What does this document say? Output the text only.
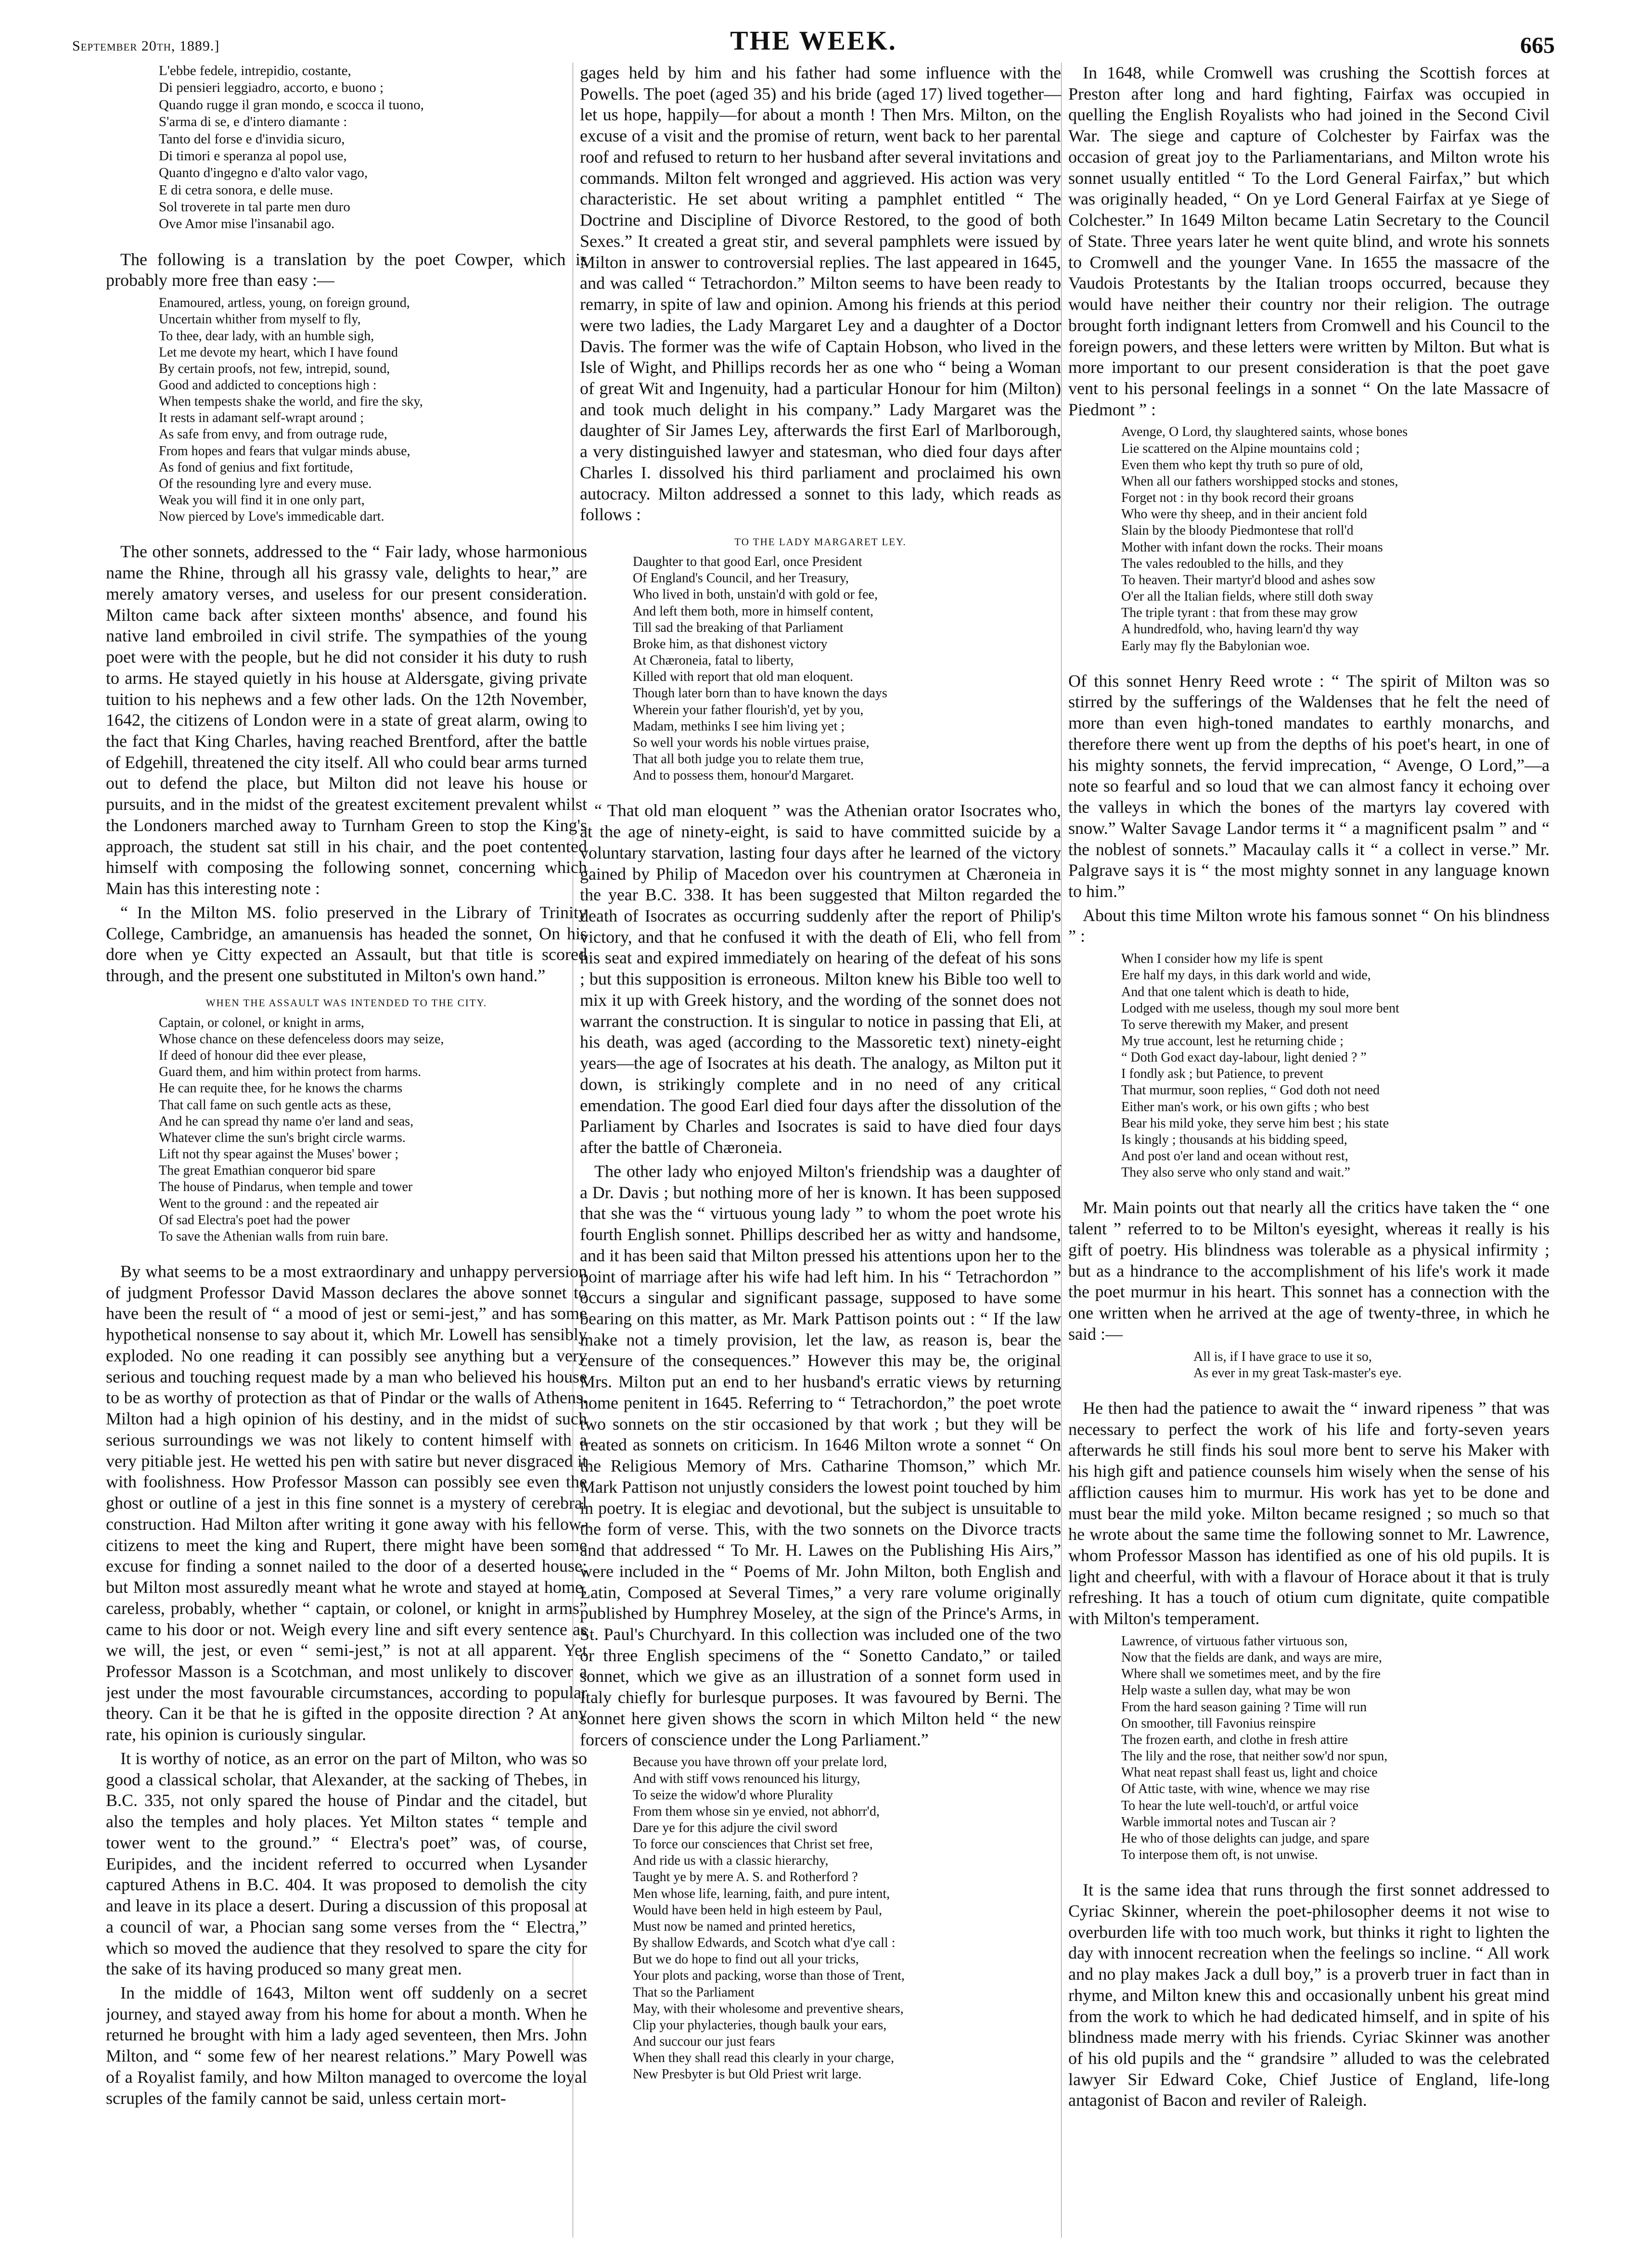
September 20th, 1889.]	THE WEEK.	665
L'ebbe fedele, intrepidio, costante,
Di pensieri leggiadro, accorto, e buono ;
Quando rugge il gran mondo, e scocca il tuono,
S'arma di se, e d'intero diamante :
Tanto del forse e d'invidia sicuro,
Di timori e speranza al popol use,
Quanto d'ingegno e d'alto valor vago,
E di cetra sonora, e delle muse.
Sol troverete in tal parte men duro
Ove Amor mise l'insanabil ago.

The following is a translation by the poet Cowper, which is probably more free than easy :—

Enamoured, artless, young, on foreign ground,
Uncertain whither from myself to fly,
To thee, dear lady, with an humble sigh,
Let me devote my heart, which I have found
By certain proofs, not few, intrepid, sound,
Good and addicted to conceptions high :
When tempests shake the world, and fire the sky,
It rests in adamant self-wrapt around ;
As safe from envy, and from outrage rude,
From hopes and fears that vulgar minds abuse,
As fond of genius and fixt fortitude,
Of the resounding lyre and every muse.
Weak you will find it in one only part,
Now pierced by Love's immedicable dart.

The other sonnets, addressed to the “ Fair lady, whose harmonious name the Rhine, through all his grassy vale, delights to hear,” are merely amatory verses, and useless for our present consideration. Milton came back after sixteen months' absence, and found his native land embroiled in civil strife. The sympathies of the young poet were with the people, but he did not consider it his duty to rush to arms. He stayed quietly in his house at Aldersgate, giving private tuition to his nephews and a few other lads. On the 12th November, 1642, the citizens of London were in a state of great alarm, owing to the fact that King Charles, having reached Brentford, after the battle of Edgehill, threatened the city itself. All who could bear arms turned out to defend the place, but Milton did not leave his house or pursuits, and in the midst of the greatest excitement prevalent whilst the Londoners marched away to Turnham Green to stop the King's approach, the student sat still in his chair, and the poet contented himself with composing the following sonnet, concerning which Main has this interesting note :

“ In the Milton MS. folio preserved in the Library of Trinity College, Cambridge, an amanuensis has headed the sonnet, On his dore when ye Citty expected an Assault, but that title is scored through, and the present one substituted in Milton's own hand.”

WHEN THE ASSAULT WAS INTENDED TO THE CITY.
Captain, or colonel, or knight in arms,
Whose chance on these defenceless doors may seize,
If deed of honour did thee ever please,
Guard them, and him within protect from harms.
He can requite thee, for he knows the charms
That call fame on such gentle acts as these,
And he can spread thy name o'er land and seas,
Whatever clime the sun's bright circle warms.
Lift not thy spear against the Muses' bower ;
The great Emathian conqueror bid spare
The house of Pindarus, when temple and tower
Went to the ground : and the repeated air
Of sad Electra's poet had the power
To save the Athenian walls from ruin bare.

By what seems to be a most extraordinary and unhappy perversion of judgment Professor David Masson declares the above sonnet to have been the result of “ a mood of jest or semi-jest,” and has some hypothetical nonsense to say about it, which Mr. Lowell has sensibly exploded. No one reading it can possibly see anything but a very serious and touching request made by a man who believed his house to be as worthy of protection as that of Pindar or the walls of Athens. Milton had a high opinion of his destiny, and in the midst of such serious surroundings we was not likely to content himself with a very pitiable jest. He wetted his pen with satire but never disgraced it with foolishness. How Professor Masson can possibly see even the ghost or outline of a jest in this fine sonnet is a mystery of cerebral construction. Had Milton after writing it gone away with his fellow-citizens to meet the king and Rupert, there might have been some excuse for finding a sonnet nailed to the door of a deserted house; but Milton most assuredly meant what he wrote and stayed at home, careless, probably, whether “ captain, or colonel, or knight in arms” came to his door or not. Weigh every line and sift every sentence as we will, the jest, or even “ semi-jest,” is not at all apparent. Yet Professor Masson is a Scotchman, and most unlikely to discover a jest under the most favourable circumstances, according to popular theory. Can it be that he is gifted in the opposite direction ? At any rate, his opinion is curiously singular.

It is worthy of notice, as an error on the part of Milton, who was so good a classical scholar, that Alexander, at the sacking of Thebes, in B.C. 335, not only spared the house of Pindar and the citadel, but also the temples and holy places. Yet Milton states “ temple and tower went to the ground.” “ Electra's poet” was, of course, Euripides, and the incident referred to occurred when Lysander captured Athens in B.C. 404. It was proposed to demolish the city and leave in its place a desert. During a discussion of this proposal at a council of war, a Phocian sang some verses from the “ Electra,” which so moved the audience that they resolved to spare the city for the sake of its having produced so many great men.

In the middle of 1643, Milton went off suddenly on a secret journey, and stayed away from his home for about a month. When he returned he brought with him a lady aged seventeen, then Mrs. John Milton, and “ some few of her nearest relations.” Mary Powell was of a Royalist family, and how Milton managed to overcome the loyal scruples of the family cannot be said, unless certain mort-

gages held by him and his father had some influence with the Powells. The poet (aged 35) and his bride (aged 17) lived together—let us hope, happily—for about a month ! Then Mrs. Milton, on the excuse of a visit and the promise of return, went back to her parental roof and refused to return to her husband after several invitations and commands. Milton felt wronged and aggrieved. His action was very characteristic. He set about writing a pamphlet entitled “ The Doctrine and Discipline of Divorce Restored, to the good of both Sexes.” It created a great stir, and several pamphlets were issued by Milton in answer to controversial replies. The last appeared in 1645, and was called “ Tetrachordon.” Milton seems to have been ready to remarry, in spite of law and opinion. Among his friends at this period were two ladies, the Lady Margaret Ley and a daughter of a Doctor Davis. The former was the wife of Captain Hobson, who lived in the Isle of Wight, and Phillips records her as one who “ being a Woman of great Wit and Ingenuity, had a particular Honour for him (Milton) and took much delight in his company.” Lady Margaret was the daughter of Sir James Ley, afterwards the first Earl of Marlborough, a very distinguished lawyer and statesman, who died four days after Charles I. dissolved his third parliament and proclaimed his own autocracy. Milton addressed a sonnet to this lady, which reads as follows :

TO THE LADY MARGARET LEY.
Daughter to that good Earl, once President
Of England's Council, and her Treasury,
Who lived in both, unstain'd with gold or fee,
And left them both, more in himself content,
Till sad the breaking of that Parliament
Broke him, as that dishonest victory
At Chæroneia, fatal to liberty,
Killed with report that old man eloquent.
Though later born than to have known the days
Wherein your father flourish'd, yet by you,
Madam, methinks I see him living yet ;
So well your words his noble virtues praise,
That all both judge you to relate them true,
And to possess them, honour'd Margaret.

“ That old man eloquent ” was the Athenian orator Isocrates who, at the age of ninety-eight, is said to have committed suicide by a voluntary starvation, lasting four days after he learned of the victory gained by Philip of Macedon over his countrymen at Chæroneia in the year B.C. 338. It has been suggested that Milton regarded the death of Isocrates as occurring suddenly after the report of Philip's victory, and that he confused it with the death of Eli, who fell from his seat and expired immediately on hearing of the defeat of his sons ; but this supposition is erroneous. Milton knew his Bible too well to mix it up with Greek history, and the wording of the sonnet does not warrant the construction. It is singular to notice in passing that Eli, at his death, was aged (according to the Massoretic text) ninety-eight years—the age of Isocrates at his death. The analogy, as Milton put it down, is strikingly complete and in no need of any critical emendation. The good Earl died four days after the dissolution of the Parliament by Charles and Isocrates is said to have died four days after the battle of Chæroneia.

The other lady who enjoyed Milton's friendship was a daughter of a Dr. Davis ; but nothing more of her is known. It has been supposed that she was the “ virtuous young lady ” to whom the poet wrote his fourth English sonnet. Phillips described her as witty and handsome, and it has been said that Milton pressed his attentions upon her to the point of marriage after his wife had left him. In his “ Tetrachordon ” occurs a singular and significant passage, supposed to have some bearing on this matter, as Mr. Mark Pattison points out : “ If the law make not a timely provision, let the law, as reason is, bear the censure of the consequences.” However this may be, the original Mrs. Milton put an end to her husband's erratic views by returning home penitent in 1645. Referring to “ Tetrachordon,” the poet wrote two sonnets on the stir occasioned by that work ; but they will be treated as sonnets on criticism. In 1646 Milton wrote a sonnet “ On the Religious Memory of Mrs. Catharine Thomson,” which Mr. Mark Pattison not unjustly considers the lowest point touched by him in poetry. It is elegiac and devotional, but the subject is unsuitable to the form of verse. This, with the two sonnets on the Divorce tracts and that addressed “ To Mr. H. Lawes on the Publishing His Airs,” were included in the “ Poems of Mr. John Milton, both English and Latin, Composed at Several Times,” a very rare volume originally published by Humphrey Moseley, at the sign of the Prince's Arms, in St. Paul's Churchyard. In this collection was included one of the two or three English specimens of the “ Sonetto Candato,” or tailed sonnet, which we give as an illustration of a sonnet form used in Italy chiefly for burlesque purposes. It was favoured by Berni. The sonnet here given shows the scorn in which Milton held “ the new forcers of conscience under the Long Parliament.”

Because you have thrown off your prelate lord,
And with stiff vows renounced his liturgy,
To seize the widow'd whore Plurality
From them whose sin ye envied, not abhorr'd,
Dare ye for this adjure the civil sword
To force our consciences that Christ set free,
And ride us with a classic hierarchy,
Taught ye by mere A. S. and Rotherford ?
Men whose life, learning, faith, and pure intent,
Would have been held in high esteem by Paul,
Must now be named and printed heretics,
By shallow Edwards, and Scotch what d'ye call :
But we do hope to find out all your tricks,
Your plots and packing, worse than those of Trent,
That so the Parliament
May, with their wholesome and preventive shears,
Clip your phylacteries, though baulk your ears,
And succour our just fears
When they shall read this clearly in your charge,
New Presbyter is but Old Priest writ large.

In 1648, while Cromwell was crushing the Scottish forces at Preston after long and hard fighting, Fairfax was occupied in quelling the English Royalists who had joined in the Second Civil War. The siege and capture of Colchester by Fairfax was the occasion of great joy to the Parliamentarians, and Milton wrote his sonnet usually entitled “ To the Lord General Fairfax,” but which was originally headed, “ On ye Lord General Fairfax at ye Siege of Colchester.” In 1649 Milton became Latin Secretary to the Council of State. Three years later he went quite blind, and wrote his sonnets to Cromwell and the younger Vane. In 1655 the massacre of the Vaudois Protestants by the Italian troops occurred, because they would have neither their country nor their religion. The outrage brought forth indignant letters from Cromwell and his Council to the foreign powers, and these letters were written by Milton. But what is more important to our present consideration is that the poet gave vent to his personal feelings in a sonnet “ On the late Massacre of Piedmont ” :

Avenge, O Lord, thy slaughtered saints, whose bones
Lie scattered on the Alpine mountains cold ;
Even them who kept thy truth so pure of old,
When all our fathers worshipped stocks and stones,
Forget not : in thy book record their groans
Who were thy sheep, and in their ancient fold
Slain by the bloody Piedmontese that roll'd
Mother with infant down the rocks. Their moans
The vales redoubled to the hills, and they
To heaven. Their martyr'd blood and ashes sow
O'er all the Italian fields, where still doth sway
The triple tyrant : that from these may grow
A hundredfold, who, having learn'd thy way
Early may fly the Babylonian woe.

Of this sonnet Henry Reed wrote : “ The spirit of Milton was so stirred by the sufferings of the Waldenses that he felt the need of more than even high-toned mandates to earthly monarchs, and therefore there went up from the depths of his poet's heart, in one of his mighty sonnets, the fervid imprecation, “ Avenge, O Lord,”—a note so fearful and so loud that we can almost fancy it echoing over the valleys in which the bones of the martyrs lay covered with snow.” Walter Savage Landor terms it “ a magnificent psalm ” and “ the noblest of sonnets.” Macaulay calls it “ a collect in verse.” Mr. Palgrave says it is “ the most mighty sonnet in any language known to him.”

About this time Milton wrote his famous sonnet “ On his blindness ” :

When I consider how my life is spent
Ere half my days, in this dark world and wide,
And that one talent which is death to hide,
Lodged with me useless, though my soul more bent
To serve therewith my Maker, and present
My true account, lest he returning chide ;
“ Doth God exact day-labour, light denied ? ”
I fondly ask ; but Patience, to prevent
That murmur, soon replies, “ God doth not need
Either man's work, or his own gifts ; who best
Bear his mild yoke, they serve him best ; his state
Is kingly ; thousands at his bidding speed,
And post o'er land and ocean without rest,
They also serve who only stand and wait.”

Mr. Main points out that nearly all the critics have taken the “ one talent ” referred to to be Milton's eyesight, whereas it really is his gift of poetry. His blindness was tolerable as a physical infirmity ; but as a hindrance to the accomplishment of his life's work it made the poet murmur in his heart. This sonnet has a connection with the one written when he arrived at the age of twenty-three, in which he said :—

All is, if I have grace to use it so,
As ever in my great Task-master's eye.

He then had the patience to await the “ inward ripeness ” that was necessary to perfect the work of his life and forty-seven years afterwards he still finds his soul more bent to serve his Maker with his high gift and patience counsels him wisely when the sense of his affliction causes him to murmur. His work has yet to be done and must bear the mild yoke. Milton became resigned ; so much so that he wrote about the same time the following sonnet to Mr. Lawrence, whom Professor Masson has identified as one of his old pupils. It is light and cheerful, with with a flavour of Horace about it that is truly refreshing. It has a touch of otium cum dignitate, quite compatible with Milton's temperament.

Lawrence, of virtuous father virtuous son,
Now that the fields are dank, and ways are mire,
Where shall we sometimes meet, and by the fire
Help waste a sullen day, what may be won
From the hard season gaining ? Time will run
On smoother, till Favonius reinspire
The frozen earth, and clothe in fresh attire
The lily and the rose, that neither sow'd nor spun,
What neat repast shall feast us, light and choice
Of Attic taste, with wine, whence we may rise
To hear the lute well-touch'd, or artful voice
Warble immortal notes and Tuscan air ?
He who of those delights can judge, and spare
To interpose them oft, is not unwise.

It is the same idea that runs through the first sonnet addressed to Cyriac Skinner, wherein the poet-philosopher deems it not wise to overburden life with too much work, but thinks it right to lighten the day with innocent recreation when the feelings so incline. “ All work and no play makes Jack a dull boy,” is a proverb truer in fact than in rhyme, and Milton knew this and occasionally unbent his great mind from the work to which he had dedicated himself, and in spite of his blindness made merry with his friends. Cyriac Skinner was another of his old pupils and the “ grandsire ” alluded to was the celebrated lawyer Sir Edward Coke, Chief Justice of England, life-long antagonist of Bacon and reviler of Raleigh.
